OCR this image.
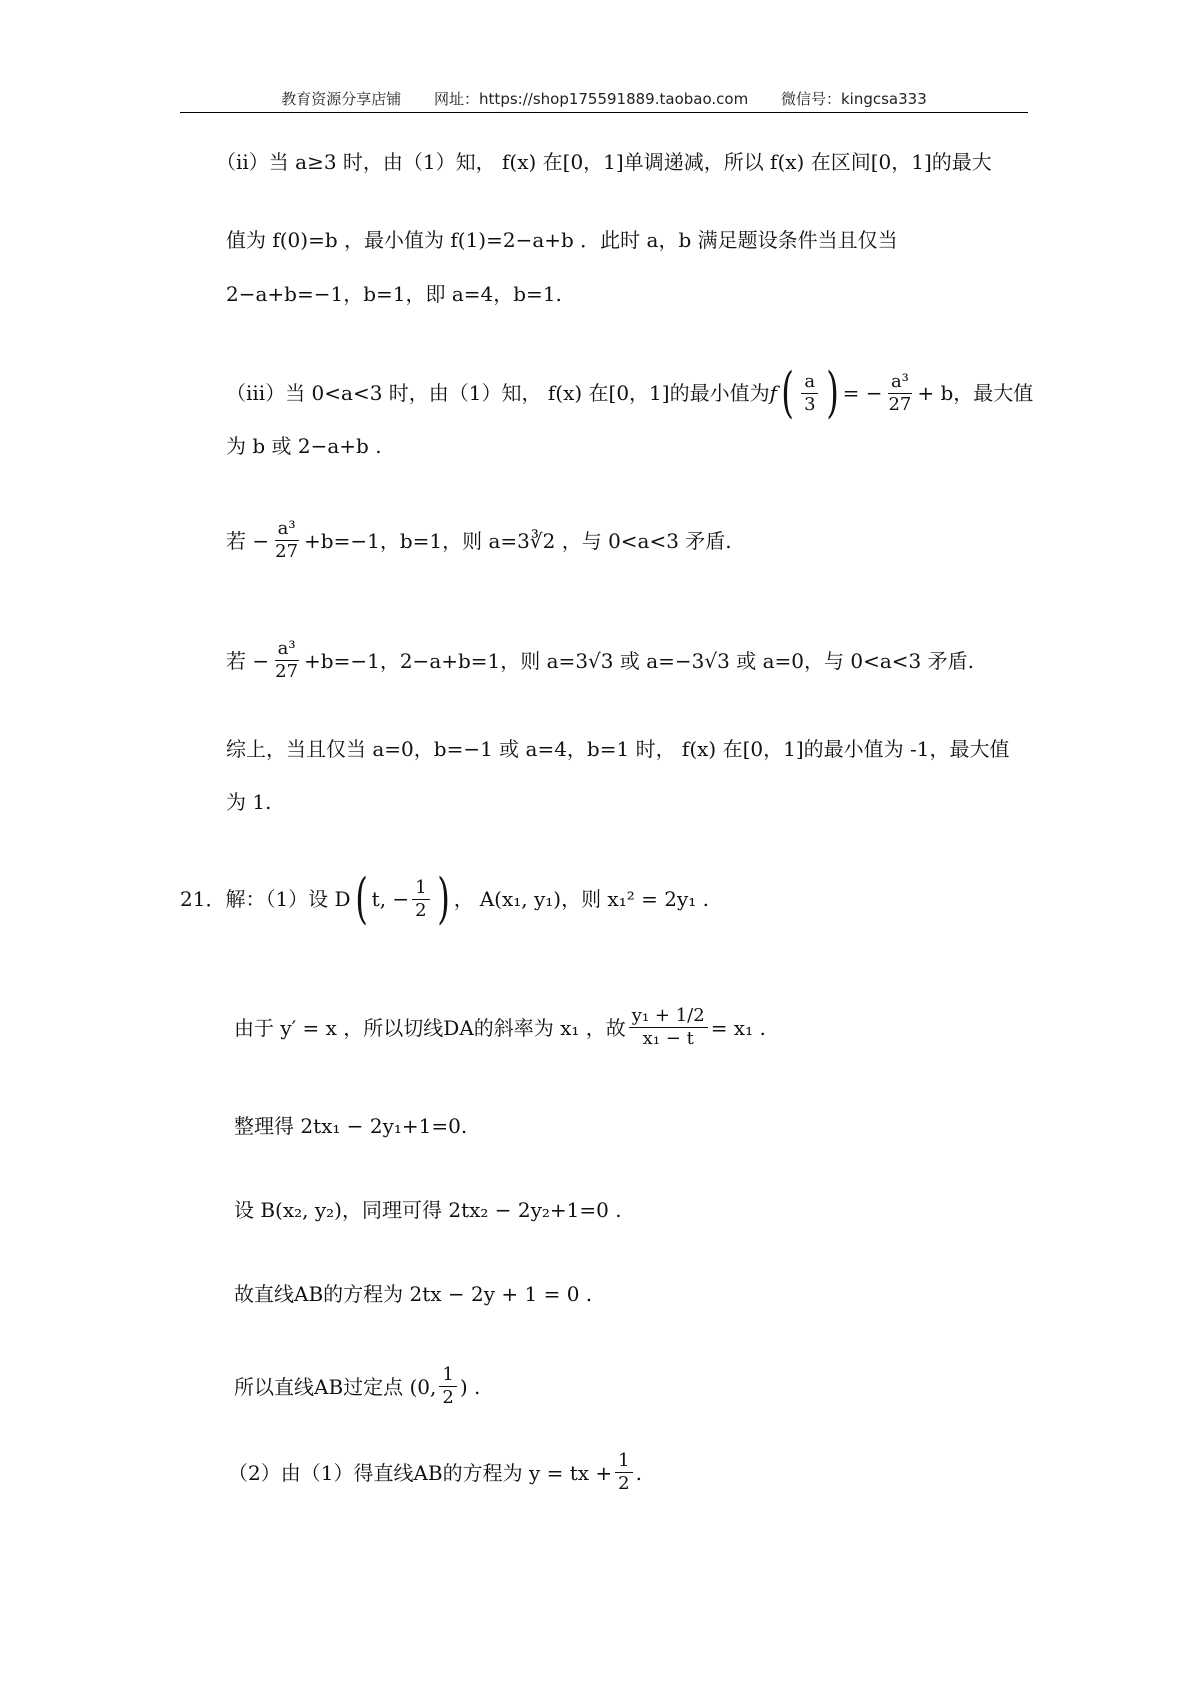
教育资源分享店铺 网址：https://shop175591889.taobao.com 微信号：kingcsa333
（ii）当 a≥3 时，由（1）知， f(x) 在[0，1]单调递减，所以 f(x) 在区间[0，1]的最大
值为 f(0)=b ，最小值为 f(1)=2−a+b ．此时 a，b 满足题设条件当且仅当
2−a+b=−1，b=1，即 a=4，b=1.
（iii）当 0<a<3 时，由（1）知， f(x) 在[0，1]的最小值为 f ( $\frac{a}{3}$ ) = − $\frac{\text{a³}}{27} + b$ ，最大值
为 b 或 2−a+b .
若 − $\frac{\text{a³}}{27} +b=-1$，b=1，则 a=3∛2 ，与 0<a<3 矛盾.
若 − $\frac{\text{a³}}{27} +b=-1$，2−a+b=1，则 a=3√3 或 a=−3√3 或 a=0，与 0<a<3 矛盾.
综上，当且仅当 a=0，b=−1 或 a=4，b=1 时， f(x) 在[0，1]的最小值为 -1，最大值
为 1.
21．解：（1）设 D ( t, − $\frac{1}{2}$ ) ， A(x₁, y₁)，则 x₁² = 2y₁ .
由于 y′ = x ，所以切线DA的斜率为 x₁ ，故 $\frac{\text{y₁ + 1/2}}{\text{x₁ − t}} = x_1$ .
整理得 2tx₁ − 2y₁+1=0.
设 B(x₂, y₂)，同理可得 2tx₂ − 2y₂+1=0 .
故直线AB的方程为 2tx − 2y + 1 = 0 .
所以直线AB过定点 (0, $\frac{1}{2}$ ) .
（2）由（1）得直线AB的方程为 y = tx + $\frac{1}{2}$ .
